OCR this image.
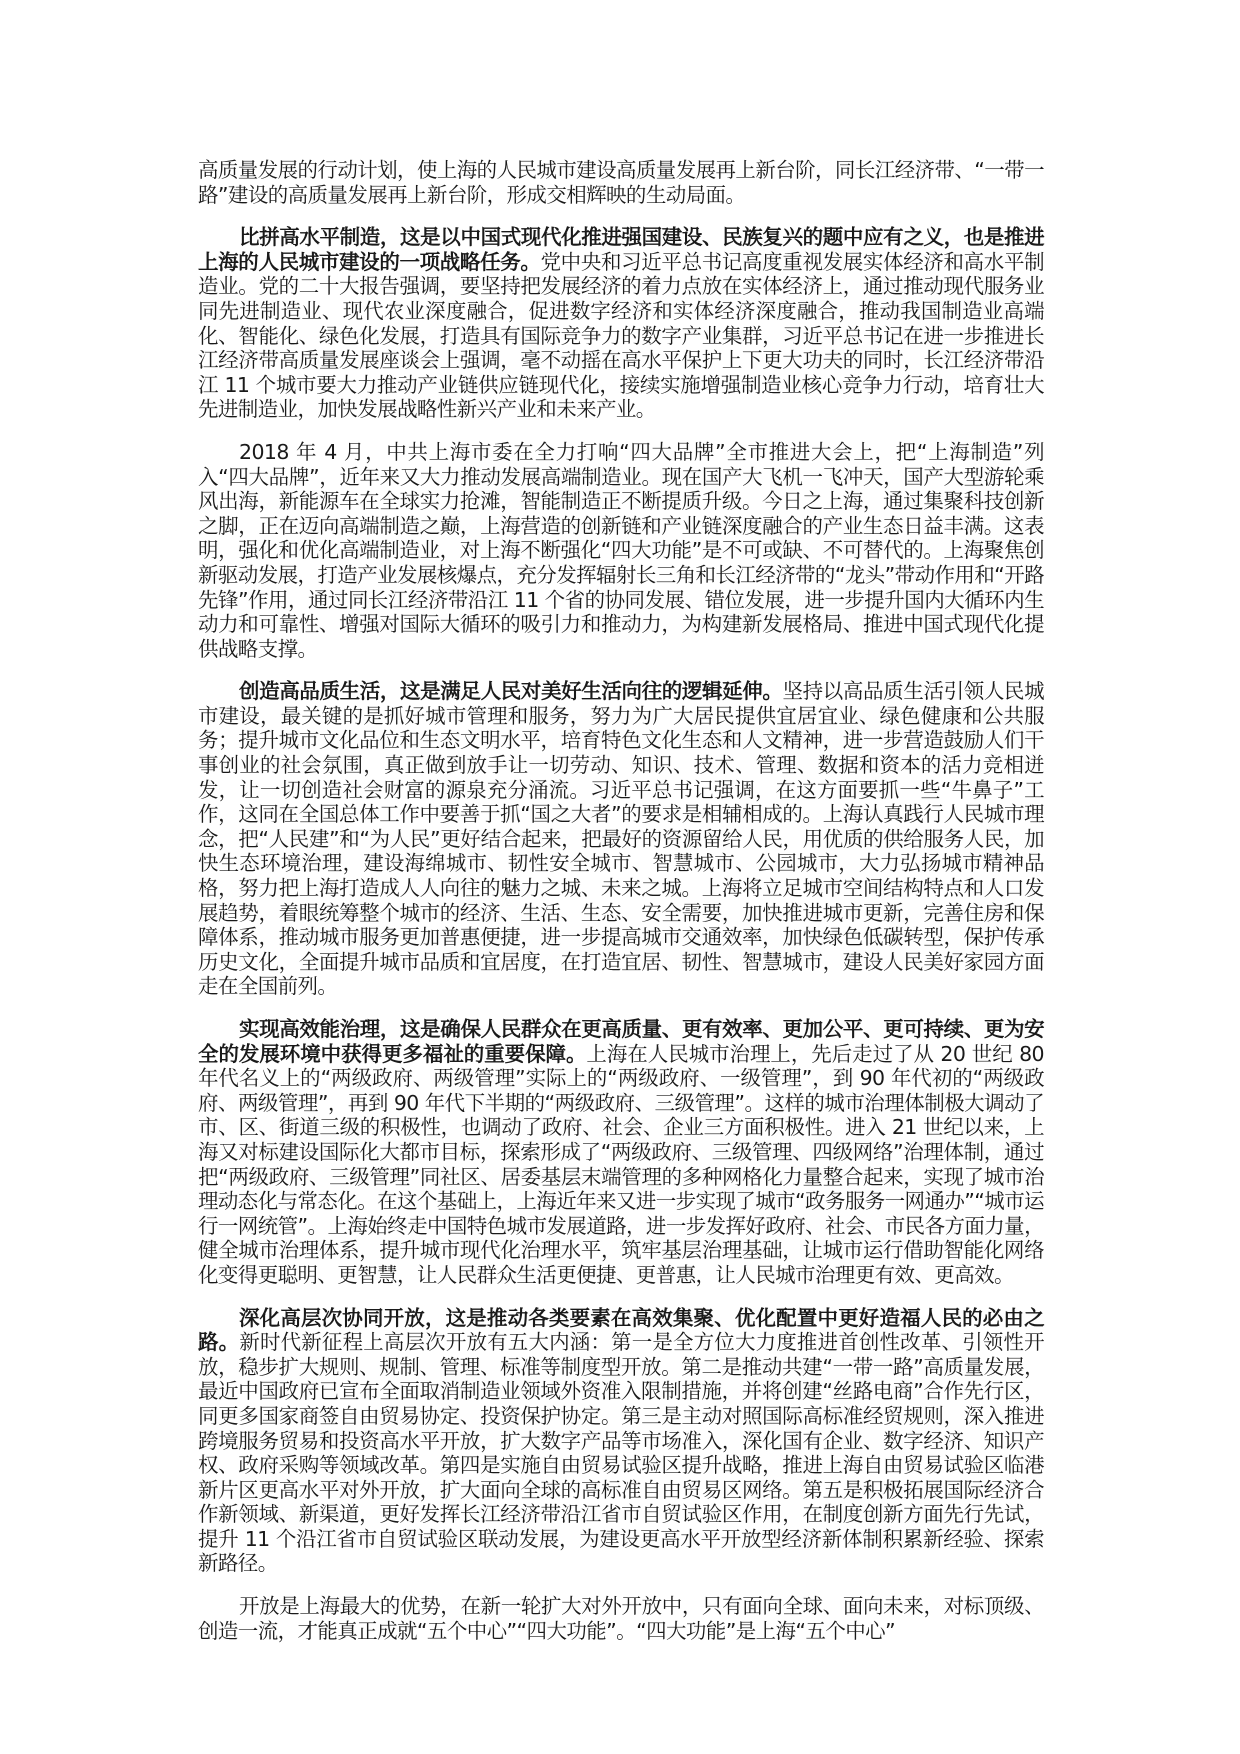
高质量发展的行动计划，使上海的人民城市建设高质量发展再上新台阶，同长江经济带、“一带一路”建设的高质量发展再上新台阶，形成交相辉映的生动局面。

比拼高水平制造，这是以中国式现代化推进强国建设、民族复兴的题中应有之义，也是推进上海的人民城市建设的一项战略任务。党中央和习近平总书记高度重视发展实体经济和高水平制造业。党的二十大报告强调，要坚持把发展经济的着力点放在实体经济上，通过推动现代服务业同先进制造业、现代农业深度融合，促进数字经济和实体经济深度融合，推动我国制造业高端化、智能化、绿色化发展，打造具有国际竞争力的数字产业集群，习近平总书记在进一步推进长江经济带高质量发展座谈会上强调，毫不动摇在高水平保护上下更大功夫的同时，长江经济带沿江 11 个城市要大力推动产业链供应链现代化，接续实施增强制造业核心竞争力行动，培育壮大先进制造业，加快发展战略性新兴产业和未来产业。

2018 年 4 月，中共上海市委在全力打响“四大品牌”全市推进大会上，把“上海制造”列入“四大品牌”，近年来又大力推动发展高端制造业。现在国产大飞机一飞冲天，国产大型游轮乘风出海，新能源车在全球实力抢滩，智能制造正不断提质升级。今日之上海，通过集聚科技创新之脚，正在迈向高端制造之巅，上海营造的创新链和产业链深度融合的产业生态日益丰满。这表明，强化和优化高端制造业，对上海不断强化“四大功能”是不可或缺、不可替代的。上海聚焦创新驱动发展，打造产业发展核爆点，充分发挥辐射长三角和长江经济带的“龙头”带动作用和“开路先锋”作用，通过同长江经济带沿江 11 个省的协同发展、错位发展，进一步提升国内大循环内生动力和可靠性、增强对国际大循环的吸引力和推动力，为构建新发展格局、推进中国式现代化提供战略支撑。

创造高品质生活，这是满足人民对美好生活向往的逻辑延伸。坚持以高品质生活引领人民城市建设，最关键的是抓好城市管理和服务，努力为广大居民提供宜居宜业、绿色健康和公共服务；提升城市文化品位和生态文明水平，培育特色文化生态和人文精神，进一步营造鼓励人们干事创业的社会氛围，真正做到放手让一切劳动、知识、技术、管理、数据和资本的活力竞相迸发，让一切创造社会财富的源泉充分涌流。习近平总书记强调，在这方面要抓一些“牛鼻子”工作，这同在全国总体工作中要善于抓“国之大者”的要求是相辅相成的。上海认真践行人民城市理念，把“人民建”和“为人民”更好结合起来，把最好的资源留给人民，用优质的供给服务人民，加快生态环境治理，建设海绵城市、韧性安全城市、智慧城市、公园城市，大力弘扬城市精神品格，努力把上海打造成人人向往的魅力之城、未来之城。上海将立足城市空间结构特点和人口发展趋势，着眼统筹整个城市的经济、生活、生态、安全需要，加快推进城市更新，完善住房和保障体系，推动城市服务更加普惠便捷，进一步提高城市交通效率，加快绿色低碳转型，保护传承历史文化，全面提升城市品质和宜居度，在打造宜居、韧性、智慧城市，建设人民美好家园方面走在全国前列。

实现高效能治理，这是确保人民群众在更高质量、更有效率、更加公平、更可持续、更为安全的发展环境中获得更多福祉的重要保障。上海在人民城市治理上，先后走过了从 20 世纪 80 年代名义上的“两级政府、两级管理”实际上的“两级政府、一级管理”，到 90 年代初的“两级政府、两级管理”，再到 90 年代下半期的“两级政府、三级管理”。这样的城市治理体制极大调动了市、区、街道三级的积极性，也调动了政府、社会、企业三方面积极性。进入 21 世纪以来，上海又对标建设国际化大都市目标，探索形成了“两级政府、三级管理、四级网络”治理体制，通过把“两级政府、三级管理”同社区、居委基层末端管理的多种网格化力量整合起来，实现了城市治理动态化与常态化。在这个基础上，上海近年来又进一步实现了城市“政务服务一网通办”“城市运行一网统管”。上海始终走中国特色城市发展道路，进一步发挥好政府、社会、市民各方面力量，健全城市治理体系，提升城市现代化治理水平，筑牢基层治理基础，让城市运行借助智能化网络化变得更聪明、更智慧，让人民群众生活更便捷、更普惠，让人民城市治理更有效、更高效。

深化高层次协同开放，这是推动各类要素在高效集聚、优化配置中更好造福人民的必由之路。新时代新征程上高层次开放有五大内涵：第一是全方位大力度推进首创性改革、引领性开放，稳步扩大规则、规制、管理、标准等制度型开放。第二是推动共建“一带一路”高质量发展，最近中国政府已宣布全面取消制造业领域外资准入限制措施，并将创建“丝路电商”合作先行区，同更多国家商签自由贸易协定、投资保护协定。第三是主动对照国际高标准经贸规则，深入推进跨境服务贸易和投资高水平开放，扩大数字产品等市场准入，深化国有企业、数字经济、知识产权、政府采购等领域改革。第四是实施自由贸易试验区提升战略，推进上海自由贸易试验区临港新片区更高水平对外开放，扩大面向全球的高标准自由贸易区网络。第五是积极拓展国际经济合作新领域、新渠道，更好发挥长江经济带沿江省市自贸试验区作用，在制度创新方面先行先试，提升 11 个沿江省市自贸试验区联动发展，为建设更高水平开放型经济新体制积累新经验、探索新路径。

开放是上海最大的优势，在新一轮扩大对外开放中，只有面向全球、面向未来，对标顶级、创造一流，才能真正成就“五个中心”“四大功能”。“四大功能”是上海“五个中心”
